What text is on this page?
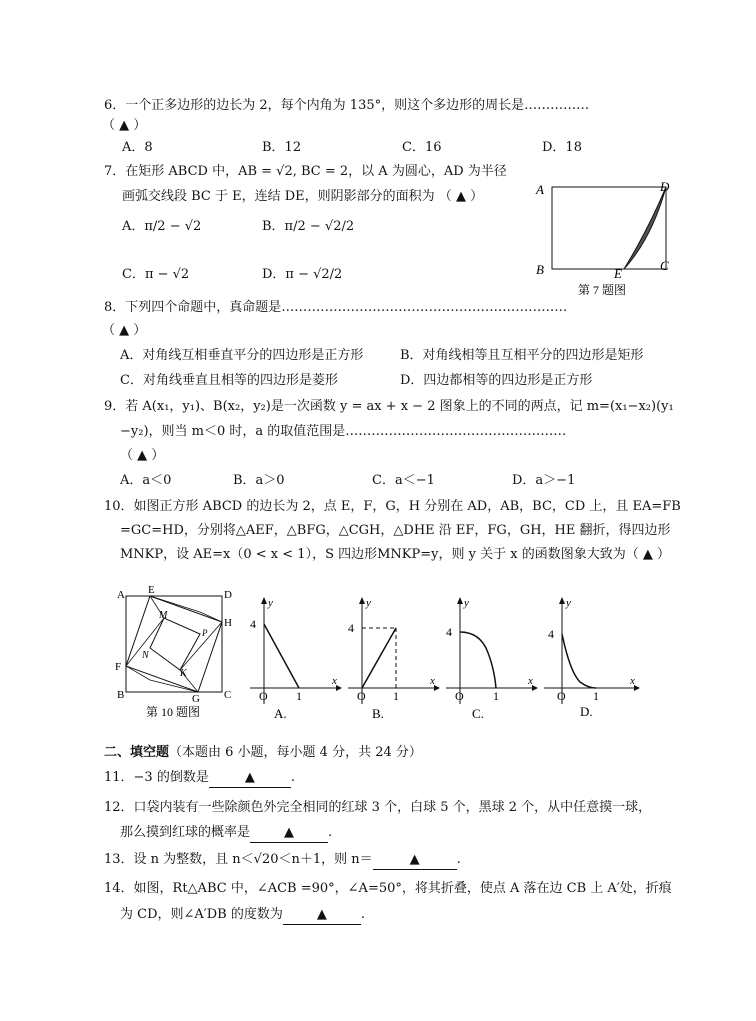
6．一个正多边形的边长为 2，每个内角为 135°，则这个多边形的周长是……………
（ ▲ ）
A．8	B．12	C．16	D．18
7．在矩形 ABCD 中，AB = √2, BC = 2，以 A 为圆心，AD 为半径
画弧交线段 BC 于 E，连结 DE，则阴影部分的面积为 （ ▲ ）
A．π/2 − √2	B．π/2 − √2/2
C．π − √2	D．π − √2/2
A	D
B	C
E
第 7 题图
8．下列四个命题中，真命题是…………………………………………………………
（ ▲ ）
A．对角线互相垂直平分的四边形是正方形	B．对角线相等且互相平分的四边形是矩形
C．对角线垂直且相等的四边形是菱形	D．四边都相等的四边形是正方形
9．若 A(x₁，y₁)、B(x₂，y₂)是一次函数 y = ax + x − 2 图象上的不同的两点，记 m=(x₁−x₂)(y₁
−y₂)，则当 m＜0 时，a 的取值范围是……………………………………………
（ ▲ ）
A．a＜0	B．a＞0	C．a＜−1	D．a＞−1
10．如图正方形 ABCD 的边长为 2，点 E，F，G，H 分别在 AD，AB，BC，CD 上，且 EA=FB
=GC=HD，分别将△AEF，△BFG，△CGH，△DHE 沿 EF，FG，GH，HE 翻折，得四边形
MNKP，设 AE=x（0 < x < 1），S 四边形MNKP=y，则 y 关于 x 的函数图象大致为（ ▲ ）
A E	D
M
H
P
F
N
K
B	G C
第 10 题图
y
x
4
O 1
A.
y
x
4
O 1
B.
y
x
4
O 1
C.
y
x
4
O 1
D.
二、填空题（本题由 6 小题，每小题 4 分，共 24 分）
11．−3 的倒数是	▲	.
12．口袋内装有一些除颜色外完全相同的红球 3 个，白球 5 个，黑球 2 个，从中任意摸一球，
那么摸到红球的概率是	▲	.
13．设 n 为整数，且 n＜√20＜n＋1，则 n＝	▲	.
14．如图，Rt△ABC 中，∠ACB =90°，∠A=50°，将其折叠，使点 A 落在边 CB 上 A′处，折痕
为 CD，则∠A′DB 的度数为	▲	.
